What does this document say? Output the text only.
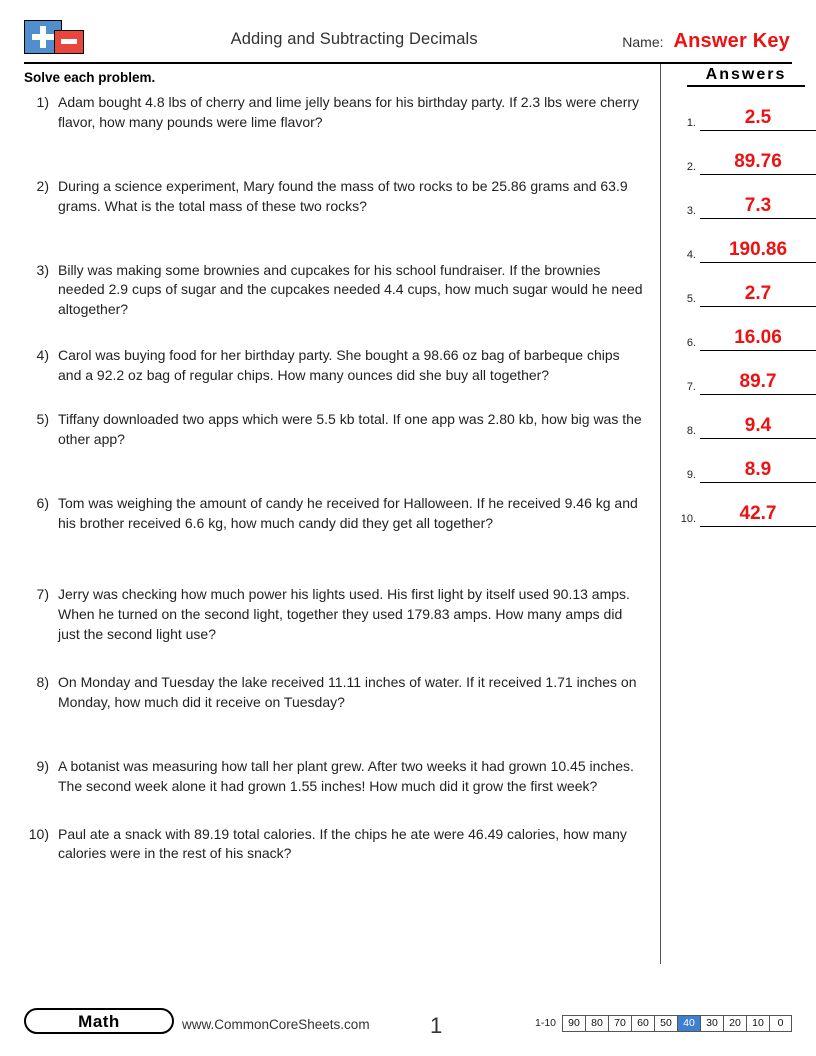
Adding and Subtracting Decimals	Name: Answer Key
Solve each problem.
1) Adam bought 4.8 lbs of cherry and lime jelly beans for his birthday party. If 2.3 lbs were cherry flavor, how many pounds were lime flavor?
2) During a science experiment, Mary found the mass of two rocks to be 25.86 grams and 63.9 grams. What is the total mass of these two rocks?
3) Billy was making some brownies and cupcakes for his school fundraiser. If the brownies needed 2.9 cups of sugar and the cupcakes needed 4.4 cups, how much sugar would he need altogether?
4) Carol was buying food for her birthday party. She bought a 98.66 oz bag of barbeque chips and a 92.2 oz bag of regular chips. How many ounces did she buy all together?
5) Tiffany downloaded two apps which were 5.5 kb total. If one app was 2.80 kb, how big was the other app?
6) Tom was weighing the amount of candy he received for Halloween. If he received 9.46 kg and his brother received 6.6 kg, how much candy did they get all together?
7) Jerry was checking how much power his lights used. His first light by itself used 90.13 amps. When he turned on the second light, together they used 179.83 amps. How many amps did just the second light use?
8) On Monday and Tuesday the lake received 11.11 inches of water. If it received 1.71 inches on Monday, how much did it receive on Tuesday?
9) A botanist was measuring how tall her plant grew. After two weeks it had grown 10.45 inches. The second week alone it had grown 1.55 inches! How much did it grow the first week?
10) Paul ate a snack with 89.19 total calories. If the chips he ate were 46.49 calories, how many calories were in the rest of his snack?
Answers
1.	2.5
2.	89.76
3.	7.3
4.	190.86
5.	2.7
6.	16.06
7.	89.7
8.	9.4
9.	8.9
10.	42.7
Math	www.CommonCoreSheets.com	1	1-10	90	80	70	60	50	40	30	20	10	0
